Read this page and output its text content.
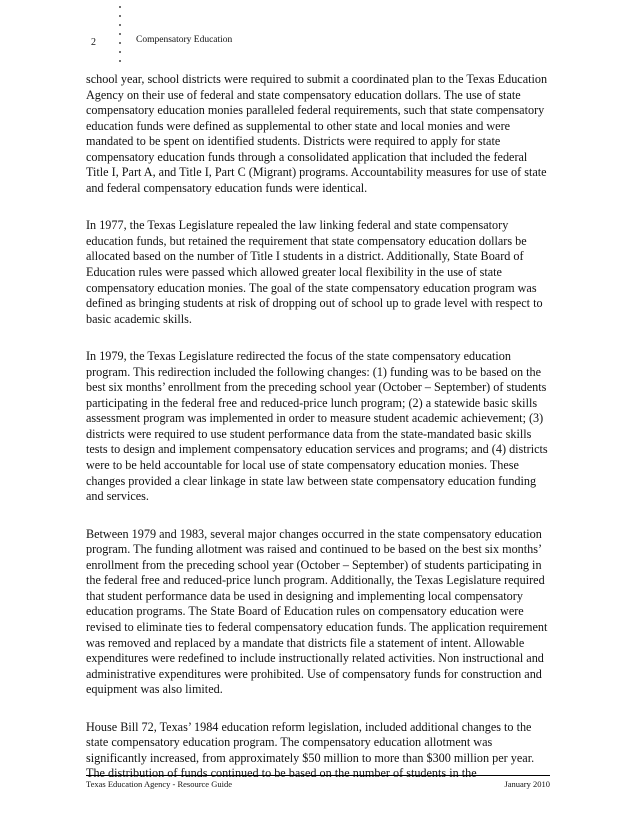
2	Compensatory Education

school year, school districts were required to submit a coordinated plan to the Texas Education Agency on their use of federal and state compensatory education dollars. The use of state compensatory education monies paralleled federal requirements, such that state compensatory education funds were defined as supplemental to other state and local monies and were mandated to be spent on identified students. Districts were required to apply for state compensatory education funds through a consolidated application that included the federal Title I, Part A, and Title I, Part C (Migrant) programs. Accountability measures for use of state and federal compensatory education funds were identical.

In 1977, the Texas Legislature repealed the law linking federal and state compensatory education funds, but retained the requirement that state compensatory education dollars be allocated based on the number of Title I students in a district. Additionally, State Board of Education rules were passed which allowed greater local flexibility in the use of state compensatory education monies. The goal of the state compensatory education program was defined as bringing students at risk of dropping out of school up to grade level with respect to basic academic skills.

In 1979, the Texas Legislature redirected the focus of the state compensatory education program. This redirection included the following changes: (1) funding was to be based on the best six months’ enrollment from the preceding school year (October – September) of students participating in the federal free and reduced-price lunch program; (2) a statewide basic skills assessment program was implemented in order to measure student academic achievement; (3) districts were required to use student performance data from the state-mandated basic skills tests to design and implement compensatory education services and programs; and (4) districts were to be held accountable for local use of state compensatory education monies. These changes provided a clear linkage in state law between state compensatory education funding and services.

Between 1979 and 1983, several major changes occurred in the state compensatory education program. The funding allotment was raised and continued to be based on the best six months’ enrollment from the preceding school year (October – September) of students participating in the federal free and reduced-price lunch program. Additionally, the Texas Legislature required that student performance data be used in designing and implementing local compensatory education programs. The State Board of Education rules on compensatory education were revised to eliminate ties to federal compensatory education funds. The application requirement was removed and replaced by a mandate that districts file a statement of intent. Allowable expenditures were redefined to include instructionally related activities. Non instructional and administrative expenditures were prohibited. Use of compensatory funds for construction and equipment was also limited.

House Bill 72, Texas’ 1984 education reform legislation, included additional changes to the state compensatory education program. The compensatory education allotment was significantly increased, from approximately $50 million to more than $300 million per year. The distribution of funds continued to be based on the number of students in the

Texas Education Agency - Resource Guide	January 2010
